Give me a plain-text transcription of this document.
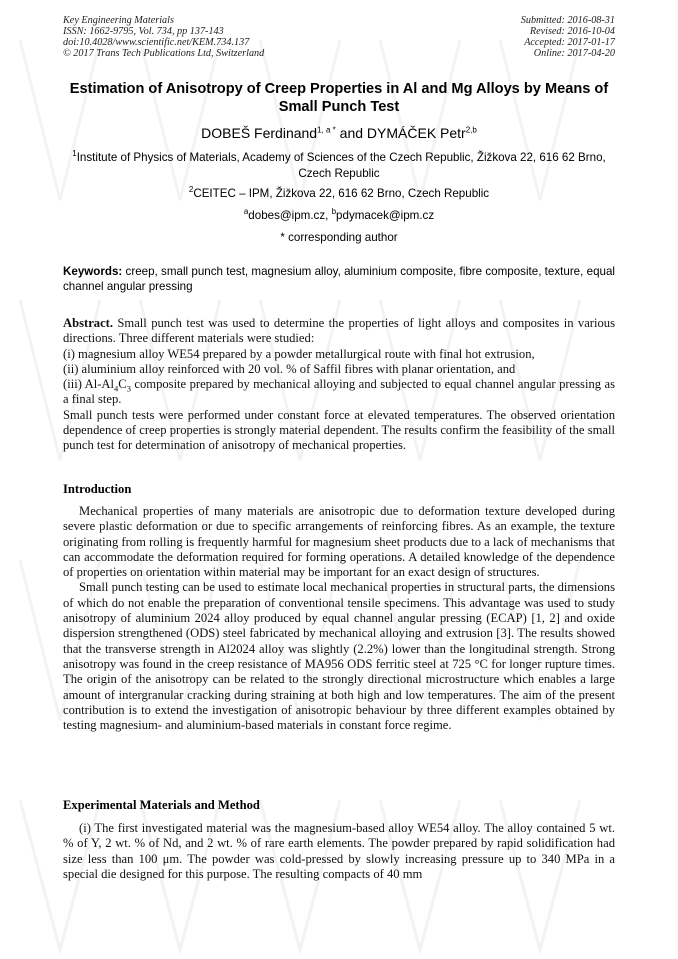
Key Engineering Materials
ISSN: 1662-9795, Vol. 734, pp 137-143
doi:10.4028/www.scientific.net/KEM.734.137
© 2017 Trans Tech Publications Ltd, Switzerland
Submitted: 2016-08-31
Revised: 2016-10-04
Accepted: 2017-01-17
Online: 2017-04-20
Estimation of Anisotropy of Creep Properties in Al and Mg Alloys by Means of Small Punch Test
DOBEŠ Ferdinand$^{1, a *}$ and DYMÁČEK Petr$^{2,b}$
$^1$Institute of Physics of Materials, Academy of Sciences of the Czech Republic, Žižkova 22, 616 62 Brno, Czech Republic
$^2$CEITEC – IPM, Žižkova 22, 616 62 Brno, Czech Republic
$^a$dobes@ipm.cz, $^b$pdymacek@ipm.cz
* corresponding author
Keywords: creep, small punch test, magnesium alloy, aluminium composite, fibre composite, texture, equal channel angular pressing

Abstract. Small punch test was used to determine the properties of light alloys and composites in various directions. Three different materials were studied:

(i) magnesium alloy WE54 prepared by a powder metallurgical route with final hot extrusion,

(ii) aluminium alloy reinforced with 20 vol. % of Saffil fibres with planar orientation, and

(iii) $Al-Al_4C_3$ composite prepared by mechanical alloying and subjected to equal channel angular pressing as a final step.

Small punch tests were performed under constant force at elevated temperatures. The observed orientation dependence of creep properties is strongly material dependent. The results confirm the feasibility of the small punch test for determination of anisotropy of mechanical properties.

Introduction

Mechanical properties of many materials are anisotropic due to deformation texture developed during severe plastic deformation or due to specific arrangements of reinforcing fibres. As an example, the texture originating from rolling is frequently harmful for magnesium sheet products due to a lack of mechanisms that can accommodate the deformation required for forming operations. A detailed knowledge of the dependence of properties on orientation within material may be important for an exact design of structures.

Small punch testing can be used to estimate local mechanical properties in structural parts, the dimensions of which do not enable the preparation of conventional tensile specimens. This advantage was used to study anisotropy of aluminium 2024 alloy produced by equal channel angular pressing (ECAP) [1, 2] and oxide dispersion strengthened (ODS) steel fabricated by mechanical alloying and extrusion [3]. The results showed that the transverse strength in Al2024 alloy was slightly (2.2%) lower than the longitudinal strength. Strong anisotropy was found in the creep resistance of MA956 ODS ferritic steel at 725 °C for longer rupture times. The origin of the anisotropy can be related to the strongly directional microstructure which enables a large amount of intergranular cracking during straining at both high and low temperatures. The aim of the present contribution is to extend the investigation of anisotropic behaviour by three different examples obtained by testing magnesium- and aluminium-based materials in constant force regime.

Experimental Materials and Method

(i) The first investigated material was the magnesium-based alloy WE54 alloy. The alloy contained 5 wt. % of Y, 2 wt. % of Nd, and 2 wt. % of rare earth elements. The powder prepared by rapid solidification had size less than 100 μm. The powder was cold-pressed by slowly increasing pressure up to 340 MPa in a special die designed for this purpose. The resulting compacts of 40 mm
